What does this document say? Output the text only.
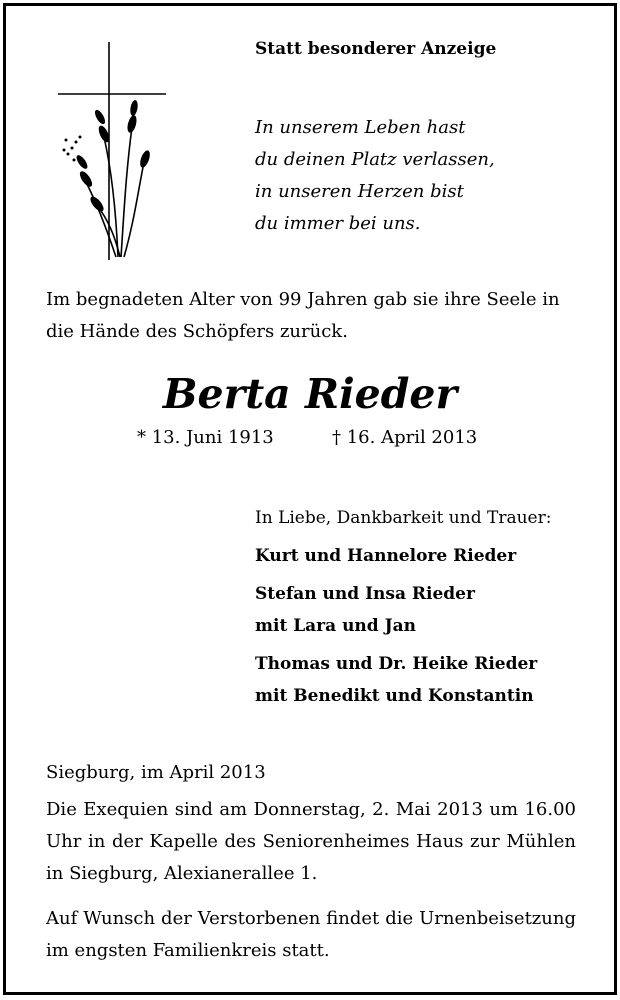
Statt besonderer Anzeige
In unserem Leben hast
du deinen Platz verlassen,
in unseren Herzen bist
du immer bei uns.
Im begnadeten Alter von 99 Jahren gab sie ihre Seele in die Hände des Schöpfers zurück.
Berta Rieder
* 13. Juni 1913	† 16. April 2013
In Liebe, Dankbarkeit und Trauer:
Kurt und Hannelore Rieder
Stefan und Insa Rieder
mit Lara und Jan
Thomas und Dr. Heike Rieder
mit Benedikt und Konstantin
Siegburg, im April 2013
Die Exequien sind am Donnerstag, 2. Mai 2013 um 16.00 Uhr in der Kapelle des Seniorenheimes Haus zur Mühlen in Siegburg, Alexianerallee 1.
Auf Wunsch der Verstorbenen findet die Urnenbeisetzung im engsten Familienkreis statt.
